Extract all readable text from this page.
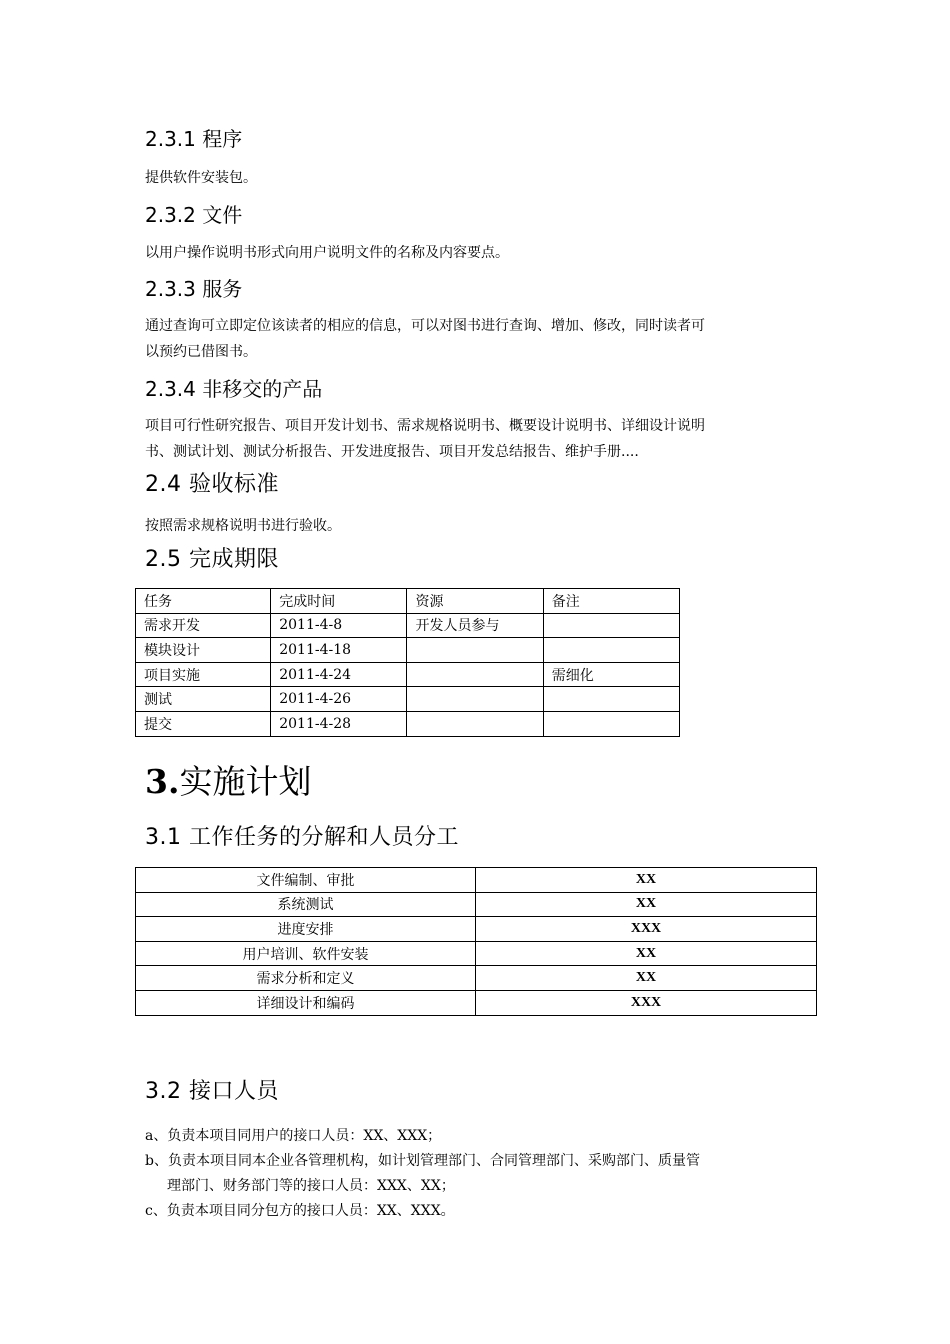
2.3.1 程序

提供软件安装包。

2.3.2 文件

以用户操作说明书形式向用户说明文件的名称及内容要点。

2.3.3 服务

通过查询可立即定位该读者的相应的信息，可以对图书进行查询、增加、修改，同时读者可

以预约已借图书。

2.3.4 非移交的产品

项目可行性研究报告、项目开发计划书、需求规格说明书、概要设计说明书、详细设计说明

书、测试计划、测试分析报告、开发进度报告、项目开发总结报告、维护手册....

2.4 验收标准

按照需求规格说明书进行验收。

2.5 完成期限
任务	完成时间	资源	备注
需求开发	2011-4-8	开发人员参与	
模块设计	2011-4-18		
项目实施	2011-4-24		需细化
测试	2011-4-26		
提交	2011-4-28		
3.实施计划
3.1 工作任务的分解和人员分工
文件编制、审批	XX
系统测试	XX
进度安排	XXX
用户培训、软件安装	XX
需求分析和定义	XX
详细设计和编码	XXX
3.2 接口人员

a、负责本项目同用户的接口人员：XX、XXX；

b、负责本项目同本企业各管理机构，如计划管理部门、合同管理部门、采购部门、质量管

理部门、财务部门等的接口人员：XXX、XX；

c、负责本项目同分包方的接口人员：XX、XXX。
